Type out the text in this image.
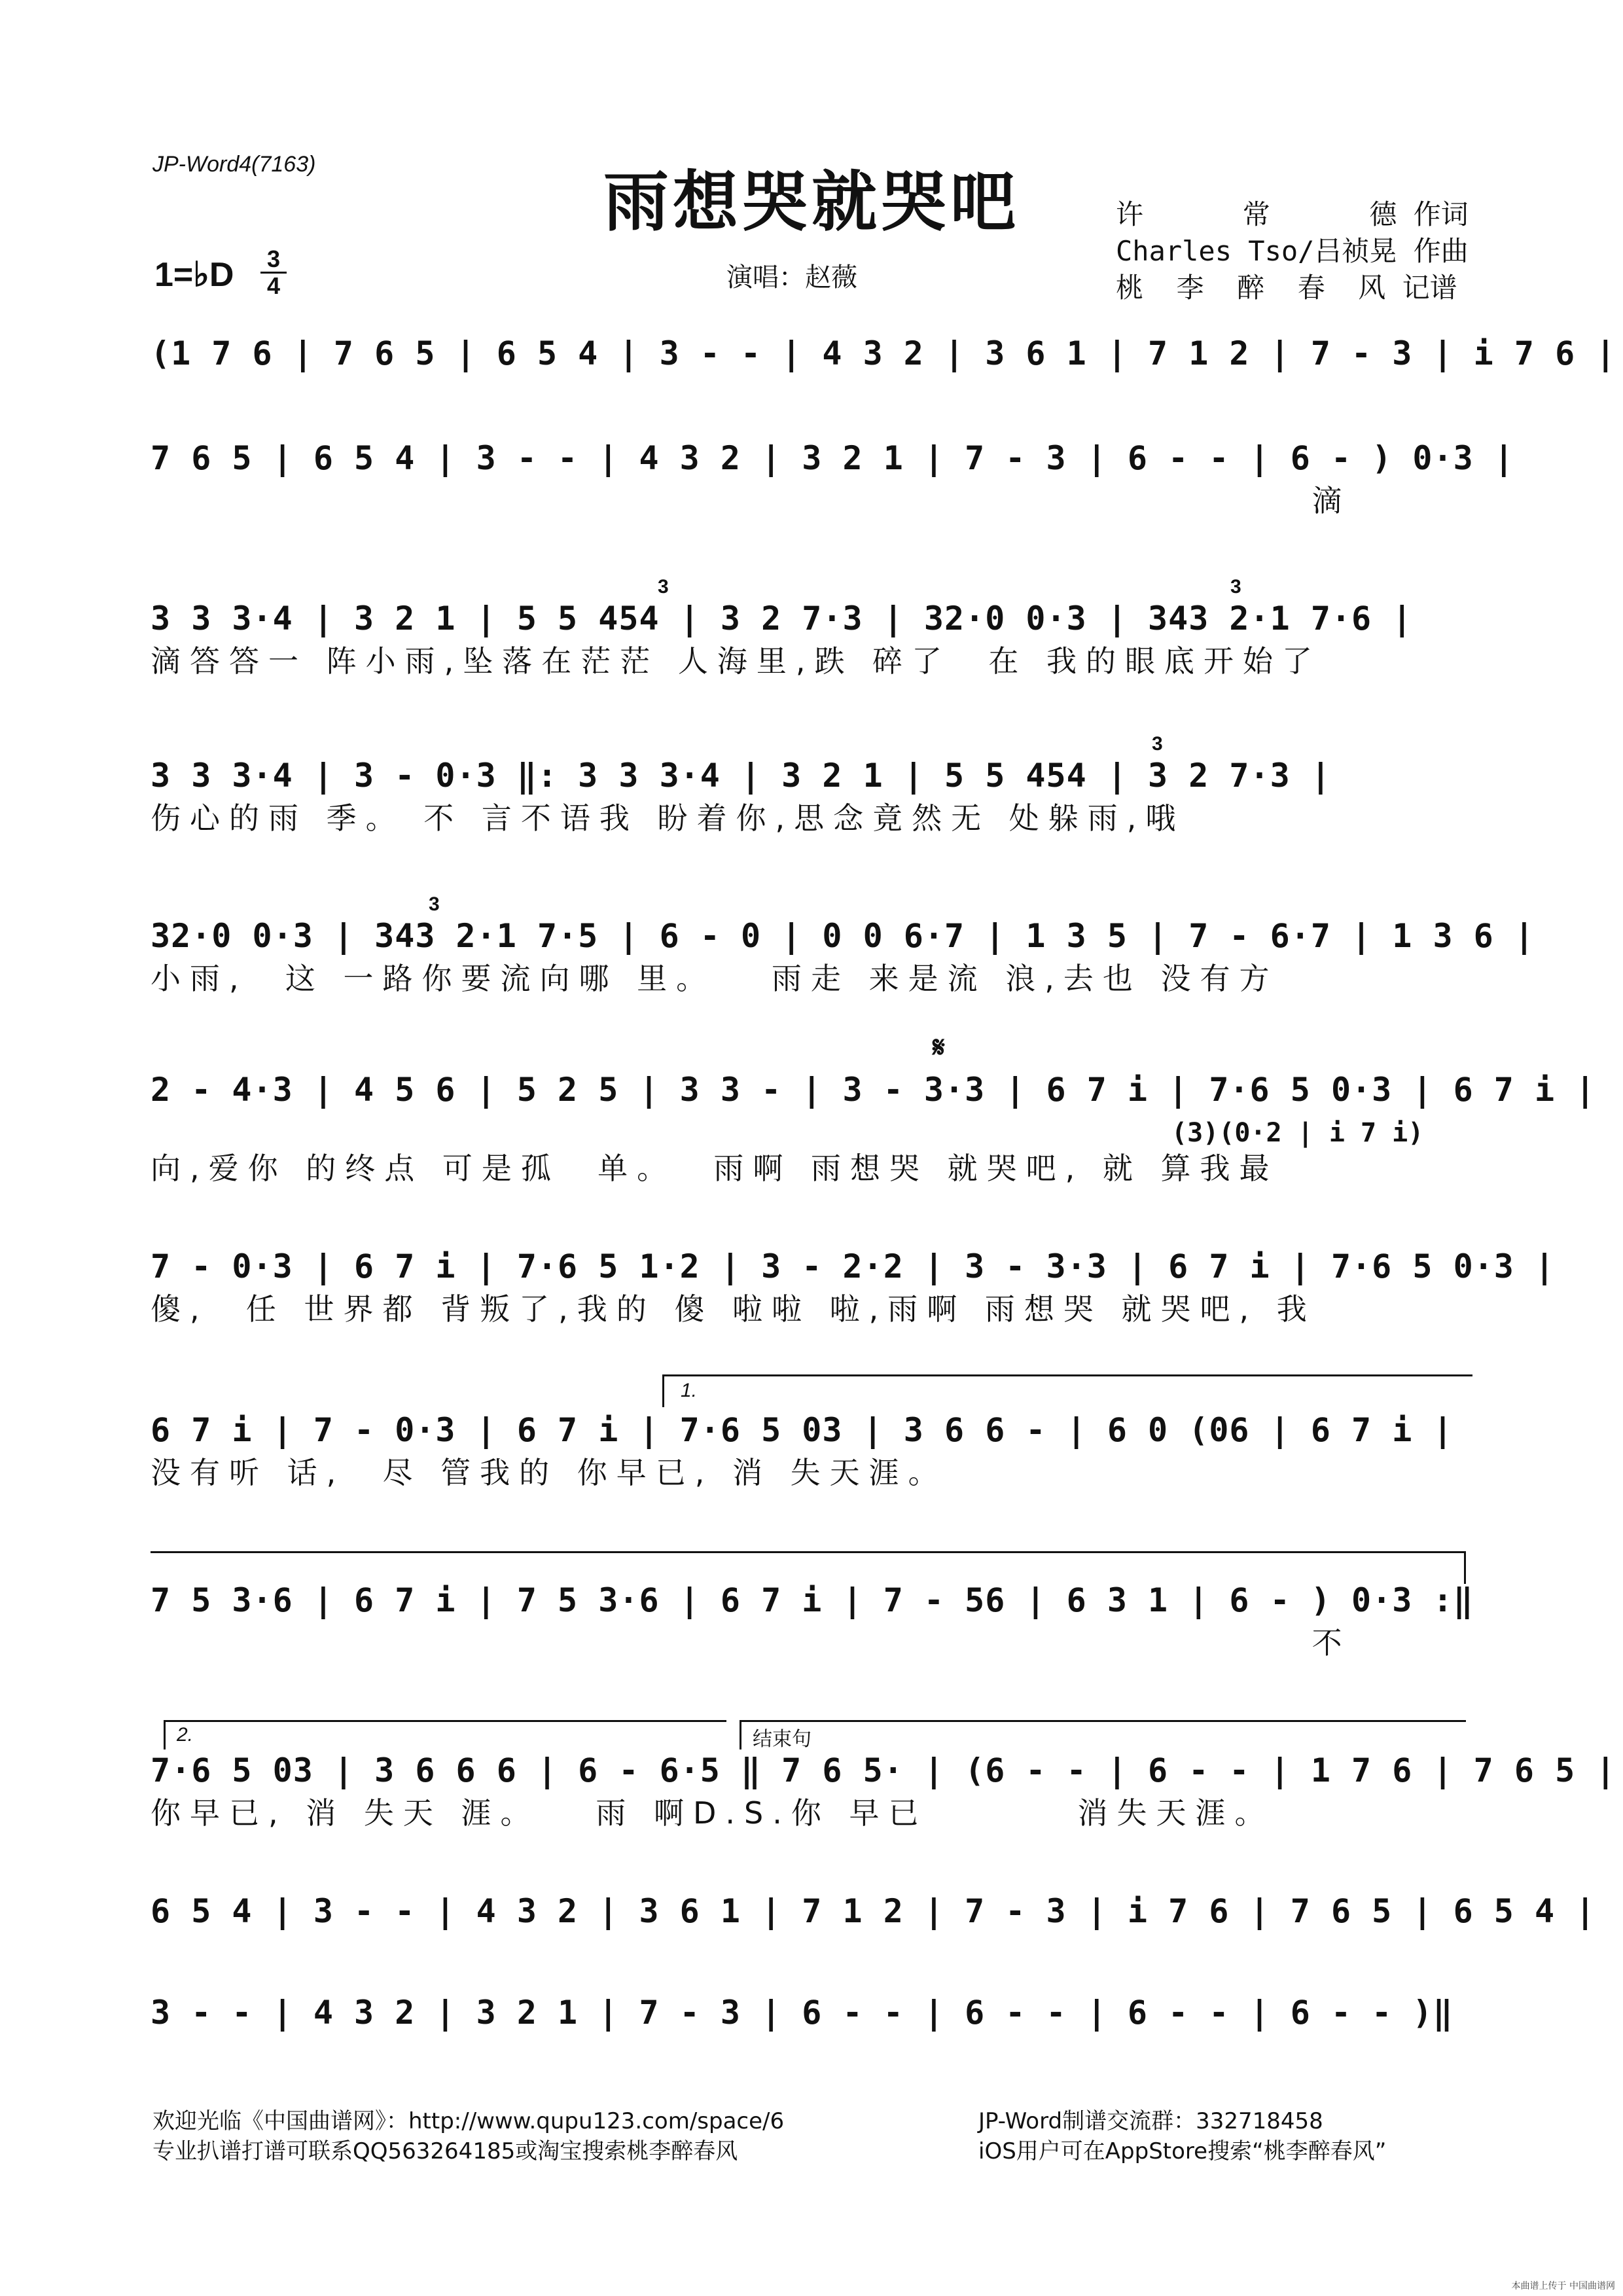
JP-Word4(7163)	雨想哭就哭吧	许      常      德 作词
Charles Tso/吕祯晃 作曲
桃  李  醉  春  风 记谱
1=♭D 3
4	演唱：赵薇
(1 7 6 | 7 6 5 | 6 5 4 | 3 - - | 4 3 2 | 3 6 1 | 7 1 2 | 7 - 3 | i 7 6 |
7 6 5 | 6 5 4 | 3 - - | 4 3 2 | 3 2 1 | 7 - 3 | 6 - - | 6 - ) 0·3 |
滴
3 3 3·4 | 3 2 1 | 5 5 454 | 3 2 7·3 | 32·0 0·3 | 343 2·1 7·6 |
滴答答一 阵小雨,坠落在茫茫 人海里,跌 碎了  在 我的眼底开始了
3 3 3·4 | 3 - 0·3 ‖: 3 3 3·4 | 3 2 1 | 5 5 454 | 3 2 7·3 |
伤心的雨 季。 不 言不语我 盼着你,思念竟然无 处躲雨,哦
32·0 0·3 | 343 2·1 7·5 | 6 - 0 | 0 0 6·7 | 1 3 5 | 7 - 6·7 | 1 3 6 |
小雨,  这 一路你要流向哪 里。   雨走 来是流 浪,去也 没有方
2 - 4·3 | 4 5 6 | 5 2 5 | 3 3 - | 3 - 3·3 | 6 7 i | 7·6 5 0·3 | 6 7 i |
向,爱你 的终点 可是孤  单。  雨啊 雨想哭 就哭吧, 就 算我最
(3)(0·2 | i 7 i)
𝄋
7 - 0·3 | 6 7 i | 7·6 5 1·2 | 3 - 2·2 | 3 - 3·3 | 6 7 i | 7·6 5 0·3 |
傻,  任 世界都 背叛了,我的 傻 啦啦 啦,雨啊 雨想哭 就哭吧, 我
1.
6 7 i | 7 - 0·3 | 6 7 i | 7·6 5 03 | 3 6 6 - | 6 0 (06 | 6 7 i |
没有听 话,  尽 管我的 你早已, 消 失天涯。
7 5 3·6 | 6 7 i | 7 5 3·6 | 6 7 i | 7 - 56 | 6 3 1 | 6 - ) 0·3 :‖
不
2.	结束句
7·6 5 03 | 3 6 6 6 | 6 - 6·5 ‖ 7 6 5· | (6 - - | 6 - - | 1 7 6 | 7 6 5 |
你早已, 消 失天 涯。   雨 啊D.S.你 早已        消失天涯。
6 5 4 | 3 - - | 4 3 2 | 3 6 1 | 7 1 2 | 7 - 3 | i 7 6 | 7 6 5 | 6 5 4 |
3 - - | 4 3 2 | 3 2 1 | 7 - 3 | 6 - - | 6 - - | 6 - - | 6 - - )‖
3	3
3
3
欢迎光临《中国曲谱网》：http://www.qupu123.com/space/6
专业扒谱打谱可联系QQ563264185或淘宝搜索桃李醉春风
JP-Word制谱交流群：332718458
iOS用户可在AppStore搜索“桃李醉春风”
本曲谱上传于 中国曲谱网
